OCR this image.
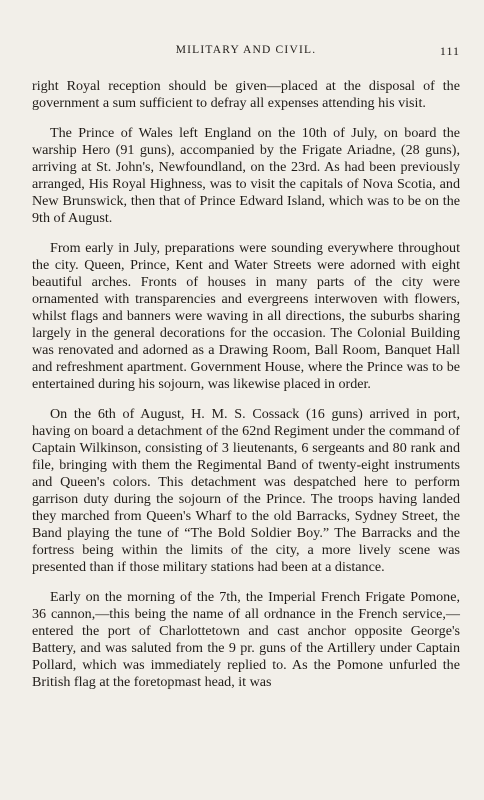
MILITARY AND CIVIL.	111

right Royal reception should be given—placed at the disposal of the government a sum sufficient to defray all expenses attending his visit.

The Prince of Wales left England on the 10th of July, on board the warship Hero (91 guns), accompanied by the Frigate Ariadne, (28 guns), arriving at St. John's, Newfoundland, on the 23rd. As had been previously arranged, His Royal Highness, was to visit the capitals of Nova Scotia, and New Brunswick, then that of Prince Edward Island, which was to be on the 9th of August.

From early in July, preparations were sounding everywhere throughout the city. Queen, Prince, Kent and Water Streets were adorned with eight beautiful arches. Fronts of houses in many parts of the city were ornamented with transparencies and evergreens interwoven with flowers, whilst flags and banners were waving in all directions, the suburbs sharing largely in the general decorations for the occasion. The Colonial Building was renovated and adorned as a Drawing Room, Ball Room, Banquet Hall and refreshment apartment. Government House, where the Prince was to be entertained during his sojourn, was likewise placed in order.

On the 6th of August, H. M. S. Cossack (16 guns) arrived in port, having on board a detachment of the 62nd Regiment under the command of Captain Wilkinson, consisting of 3 lieutenants, 6 sergeants and 80 rank and file, bringing with them the Regimental Band of twenty-eight instruments and Queen's colors. This detachment was despatched here to perform garrison duty during the sojourn of the Prince. The troops having landed they marched from Queen's Wharf to the old Barracks, Sydney Street, the Band playing the tune of “The Bold Soldier Boy.” The Barracks and the fortress being within the limits of the city, a more lively scene was presented than if those military stations had been at a distance.

Early on the morning of the 7th, the Imperial French Frigate Pomone, 36 cannon,—this being the name of all ordnance in the French service,—entered the port of Charlottetown and cast anchor opposite George's Battery, and was saluted from the 9 pr. guns of the Artillery under Captain Pollard, which was immediately replied to. As the Pomone unfurled the British flag at the foretopmast head, it was
